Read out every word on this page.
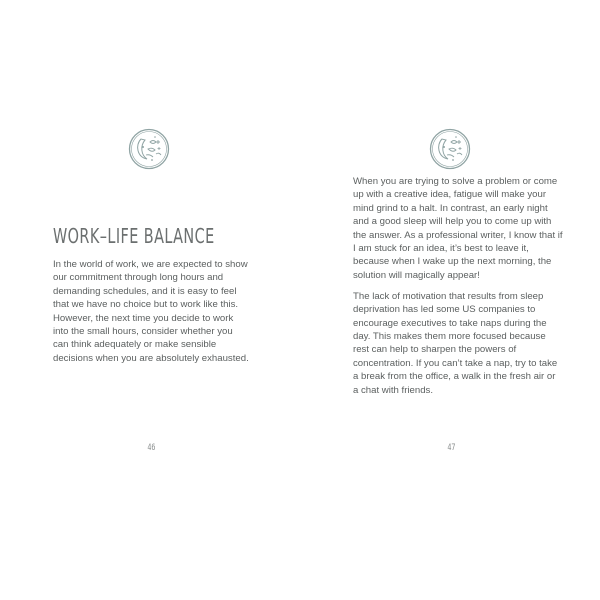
WORK–LIFE BALANCE

In the world of work, we are expected to show our commitment through long hours and demanding schedules, and it is easy to feel that we have no choice but to work like this. However, the next time you decide to work into the small hours, consider whether you can think adequately or make sensible decisions when you are absolutely exhausted.

46

When you are trying to solve a problem or come up with a creative idea, fatigue will make your mind grind to a halt. In contrast, an early night and a good sleep will help you to come up with the answer. As a professional writer, I know that if I am stuck for an idea, it’s best to leave it, because when I wake up the next morning, the solution will magically appear!

The lack of motivation that results from sleep deprivation has led some US companies to encourage executives to take naps during the day. This makes them more focused because rest can help to sharpen the powers of concentration. If you can’t take a nap, try to take a break from the office, a walk in the fresh air or a chat with friends.

47
